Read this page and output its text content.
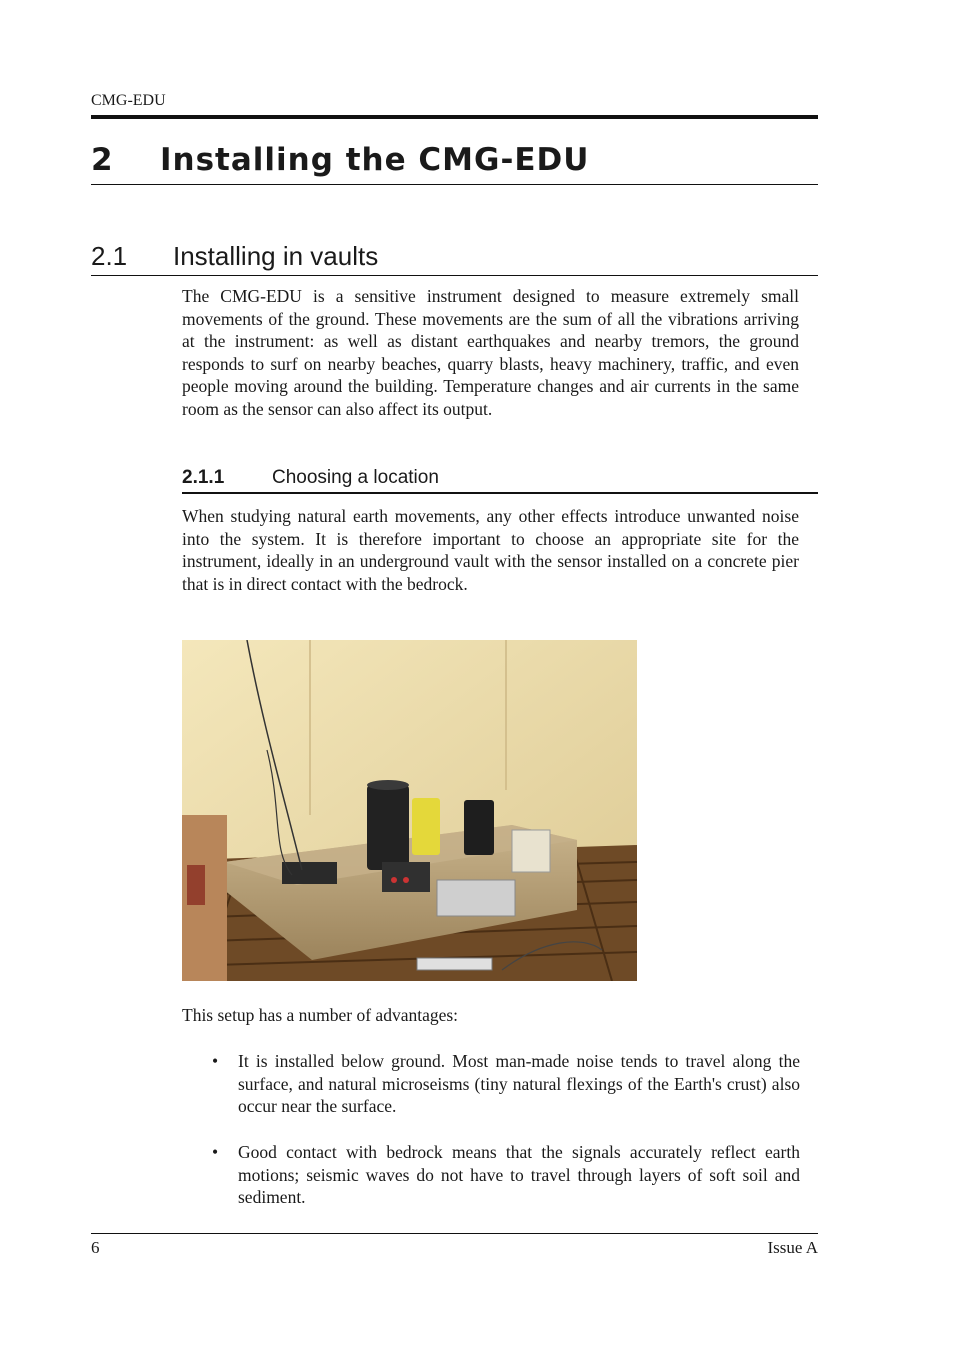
CMG-EDU
2 Installing the CMG-EDU
2.1 Installing in vaults

The CMG-EDU is a sensitive instrument designed to measure extremely small movements of the ground. These movements are the sum of all the vibrations arriving at the instrument: as well as distant earthquakes and nearby tremors, the ground responds to surf on nearby beaches, quarry blasts, heavy machinery, traffic, and even people moving around the building. Temperature changes and air currents in the same room as the sensor can also affect its output.

2.1.1	Choosing a location

When studying natural earth movements, any other effects introduce unwanted noise into the system. It is therefore important to choose an appropriate site for the instrument, ideally in an underground vault with the sensor installed on a concrete pier that is in direct contact with the bedrock.

This setup has a number of advantages:

•	It is installed below ground. Most man-made noise tends to travel along the surface, and natural microseisms (tiny natural flexings of the Earth's crust) also occur near the surface.
•	Good contact with bedrock means that the signals accurately reflect earth motions; seismic waves do not have to travel through layers of soft soil and sediment.
6	Issue A
